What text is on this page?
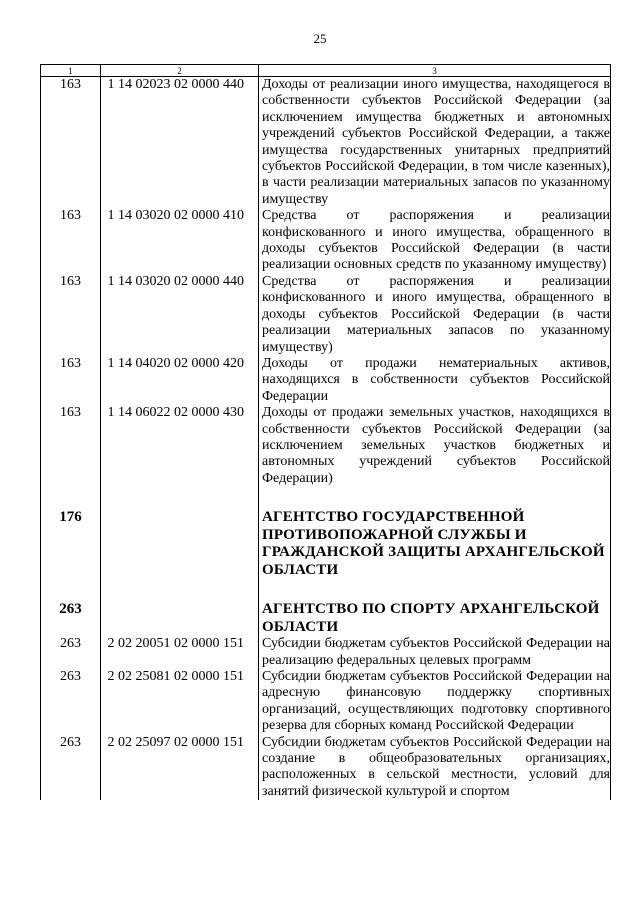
25
1	2	3
163	1 14 02023 02 0000 440	Доходы от реализации иного имущества, находящегося в собственности субъектов Российской Федерации (за исключением имущества бюджетных и автономных учреждений субъектов Российской Федерации, а также имущества государственных унитарных предприятий субъектов Российской Федерации, в том числе казенных), в части реализации материальных запасов по указанному имуществу
163	1 14 03020 02 0000 410	Средства от распоряжения и реализации конфискованного и иного имущества, обращенного в доходы субъектов Российской Федерации (в части реализации основных средств по указанному имуществу)
163	1 14 03020 02 0000 440	Средства от распоряжения и реализации конфискованного и иного имущества, обращенного в доходы субъектов Российской Федерации (в части реализации материальных запасов по указанному имуществу)
163	1 14 04020 02 0000 420	Доходы от продажи нематериальных активов, находящихся в собственности субъектов Российской Федерации
163	1 14 06022 02 0000 430	Доходы от продажи земельных участков, находящихся в собственности субъектов Российской Федерации (за исключением земельных участков бюджетных и автономных учреждений субъектов Российской Федерации)

176		АГЕНТСТВО ГОСУДАРСТВЕННОЙ ПРОТИВОПОЖАРНОЙ СЛУЖБЫ И ГРАЖДАНСКОЙ ЗАЩИТЫ АРХАНГЕЛЬСКОЙ ОБЛАСТИ

263		АГЕНТСТВО ПО СПОРТУ АРХАНГЕЛЬСКОЙ ОБЛАСТИ
263	2 02 20051 02 0000 151	Субсидии бюджетам субъектов Российской Федерации на реализацию федеральных целевых программ
263	2 02 25081 02 0000 151	Субсидии бюджетам субъектов Российской Федерации на адресную финансовую поддержку спортивных организаций, осуществляющих подготовку спортивного резерва для сборных команд Российской Федерации
263	2 02 25097 02 0000 151	Субсидии бюджетам субъектов Российской Федерации на создание в общеобразовательных организациях, расположенных в сельской местности, условий для занятий физической культурой и спортом
